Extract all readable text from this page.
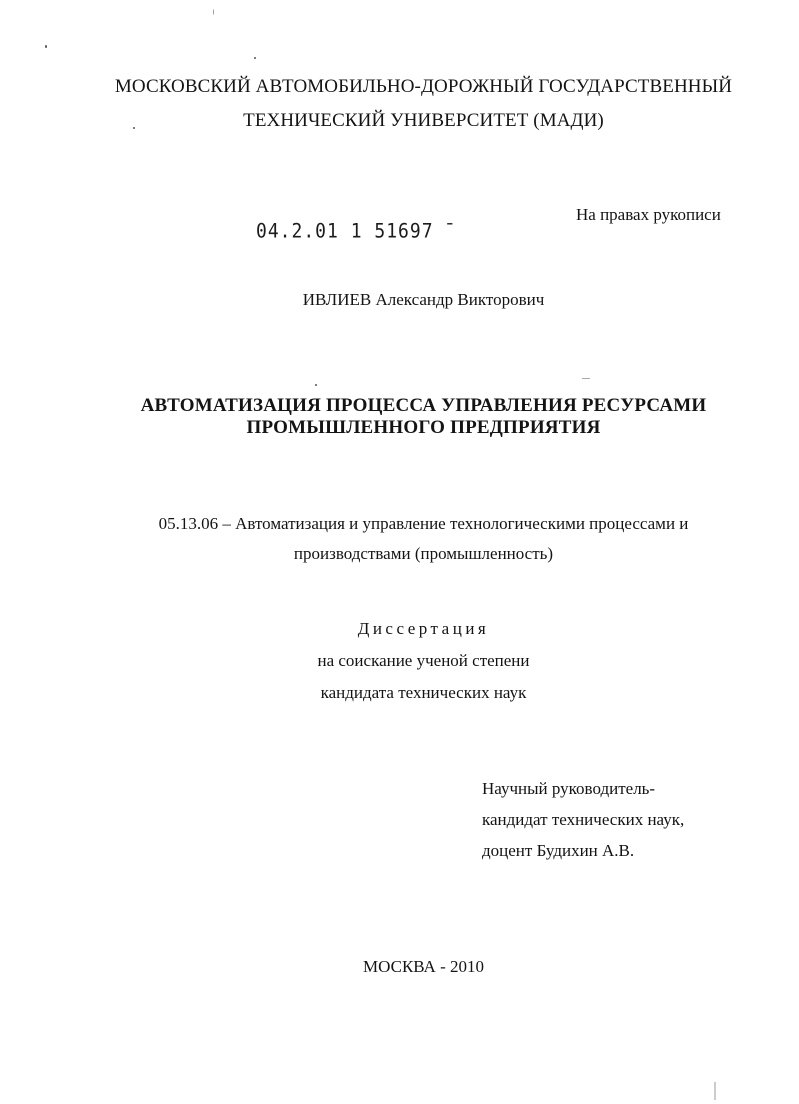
МОСКОВСКИЙ АВТОМОБИЛЬНО-ДОРОЖНЫЙ ГОСУДАРСТВЕННЫЙ
ТЕХНИЧЕСКИЙ УНИВЕРСИТЕТ (МАДИ)
04.2.01 1 51697 ̄
На правах рукописи
ИВЛИЕВ Александр Викторович
АВТОМАТИЗАЦИЯ ПРОЦЕССА УПРАВЛЕНИЯ РЕСУРСАМИ
ПРОМЫШЛЕННОГО ПРЕДПРИЯТИЯ
05.13.06 – Автоматизация и управление технологическими процессами и
производствами (промышленность)
Диссертация
на соискание ученой степени
кандидата технических наук
Научный руководитель-
кандидат технических наук,
доцент Будихин А.В.
МОСКВА - 2010
